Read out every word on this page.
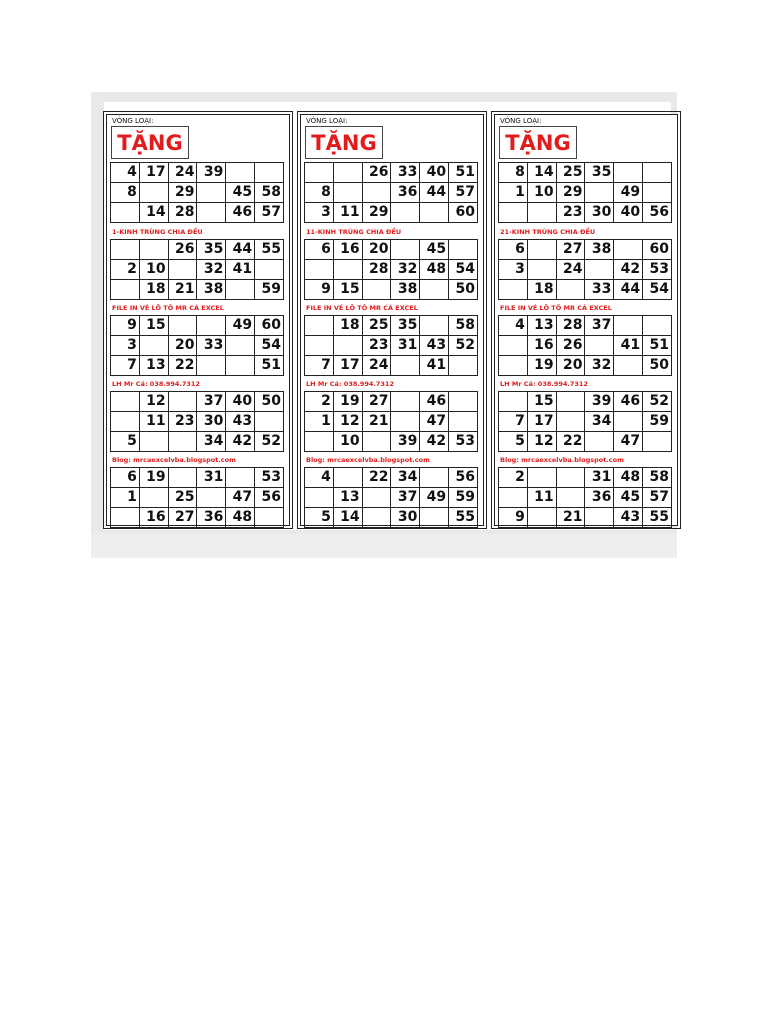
VÒNG LOẠI:
TẶNG
4	17	24	39		
8		29		45	58
	14	28		46	57
		26	35	44	55
2	10		32	41	
	18	21	38		59
9	15			49	60
3		20	33		54
7	13	22			51
	12		37	40	50
	11	23	30	43	
5			34	42	52
6	19		31		53
1		25		47	56
	16	27	36	48	
1-KINH TRÙNG CHIA ĐỀU
FILE IN VÉ LÔ TÔ MR CÁ EXCEL
LH Mr Cá: 038.994.7312
Blog: mrcaexcelvba.blogspot.com
VÒNG LOẠI:
TẶNG
		26	33	40	51
8			36	44	57
3	11	29			60
6	16	20		45	
		28	32	48	54
9	15		38		50
	18	25	35		58
		23	31	43	52
7	17	24		41	
2	19	27		46	
1	12	21		47	
	10		39	42	53
4		22	34		56
	13		37	49	59
5	14		30		55
11-KINH TRÙNG CHIA ĐỀU
FILE IN VÉ LÔ TÔ MR CÁ EXCEL
LH Mr Cá: 038.994.7312
Blog: mrcaexcelvba.blogspot.com
VÒNG LOẠI:
TẶNG
8	14	25	35		
1	10	29		49	
		23	30	40	56
6		27	38		60
3		24		42	53
	18		33	44	54
4	13	28	37		
	16	26		41	51
	19	20	32		50
	15		39	46	52
7	17		34		59
5	12	22		47	
2			31	48	58
	11		36	45	57
9		21		43	55
21-KINH TRÙNG CHIA ĐỀU
FILE IN VÉ LÔ TÔ MR CÁ EXCEL
LH Mr Cá: 038.994.7312
Blog: mrcaexcelvba.blogspot.com
